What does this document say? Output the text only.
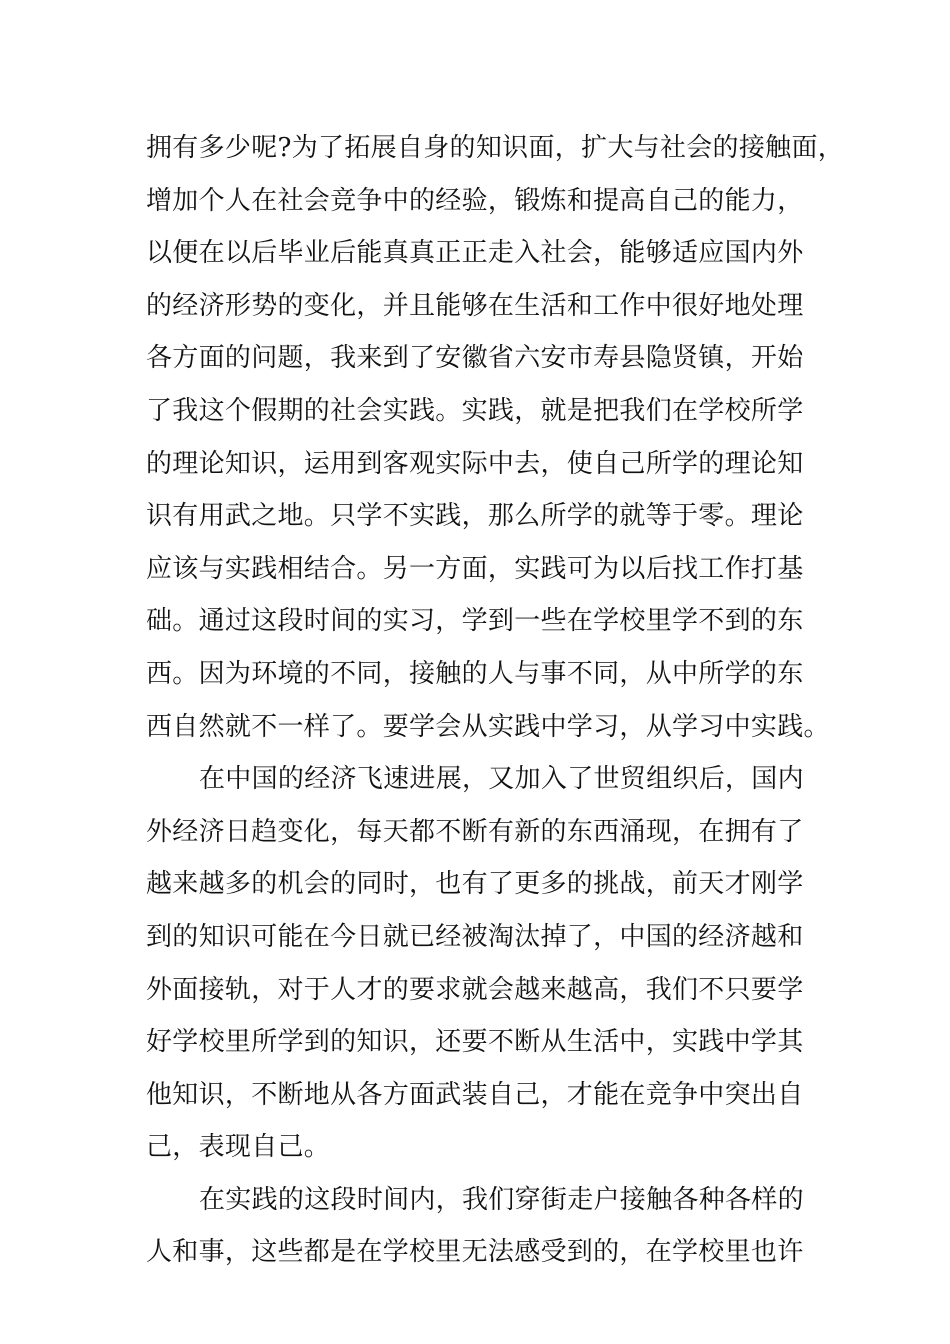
拥有多少呢?为了拓展自身的知识面，扩大与社会的接触面，
增加个人在社会竞争中的经验，锻炼和提高自己的能力，
以便在以后毕业后能真真正正走入社会，能够适应国内外
的经济形势的变化，并且能够在生活和工作中很好地处理
各方面的问题，我来到了安徽省六安市寿县隐贤镇，开始
了我这个假期的社会实践。实践，就是把我们在学校所学
的理论知识，运用到客观实际中去，使自己所学的理论知
识有用武之地。只学不实践，那么所学的就等于零。理论
应该与实践相结合。另一方面，实践可为以后找工作打基
础。通过这段时间的实习，学到一些在学校里学不到的东
西。因为环境的不同，接触的人与事不同，从中所学的东
西自然就不一样了。要学会从实践中学习，从学习中实践。
在中国的经济飞速进展，又加入了世贸组织后，国内
外经济日趋变化，每天都不断有新的东西涌现，在拥有了
越来越多的机会的同时，也有了更多的挑战，前天才刚学
到的知识可能在今日就已经被淘汰掉了，中国的经济越和
外面接轨，对于人才的要求就会越来越高，我们不只要学
好学校里所学到的知识，还要不断从生活中，实践中学其
他知识，不断地从各方面武装自己，才能在竞争中突出自
己，表现自己。
在实践的这段时间内，我们穿街走户接触各种各样的
人和事，这些都是在学校里无法感受到的，在学校里也许
